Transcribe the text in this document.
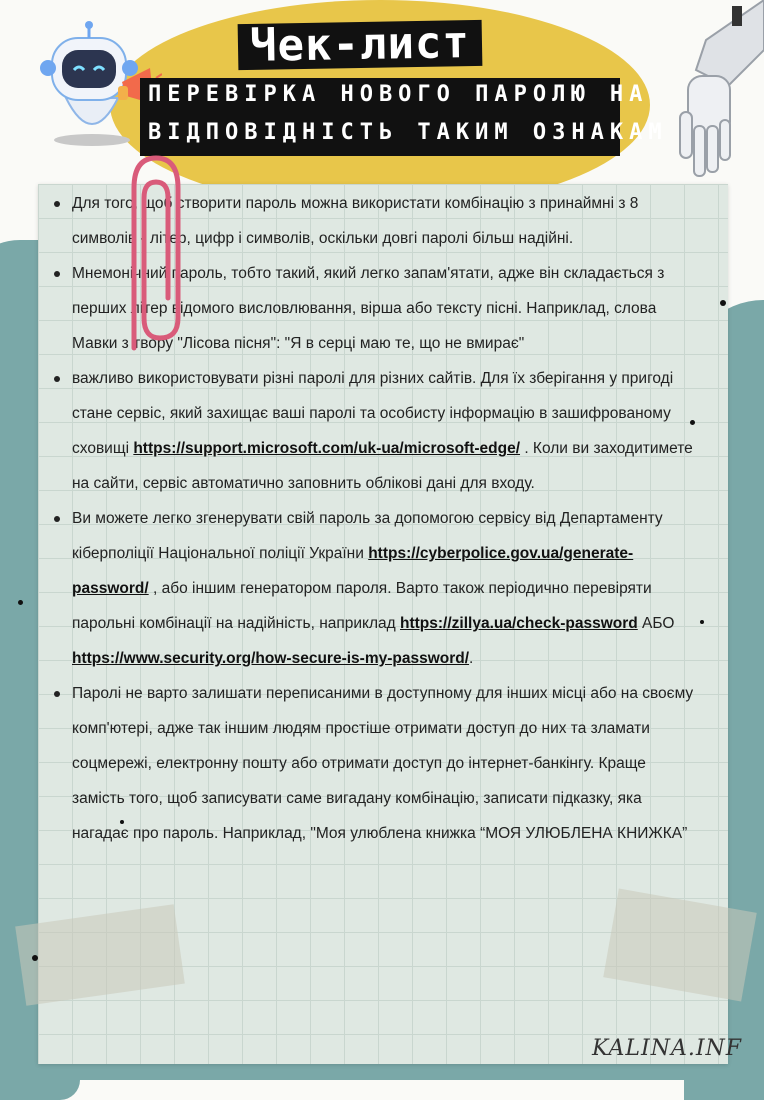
Чек-лист
ПЕРЕВІРКА НОВОГО ПАРОЛЮ НА
ВІДПОВІДНІСТЬ ТАКИМ ОЗНАКАМ
Для того, щоб створити пароль можна використати комбінацію з принаймні з 8 символів - літер, цифр і символів, оскільки довгі паролі більш надійні.
Мнемонiчний пароль, тобто такий, який легко запам'ятати, адже він складається з перших літер відомого висловлювання, вірша або тексту пісні. Наприклад, слова Мавки з твору "Лісова пісня": "Я в серці маю те, що не вмирає"
важливо використовувати різні паролі для різних сайтів. Для їх зберігання у пригоді стане сервіс, який захищає ваші паролі та особисту інформацію в зашифрованому сховищі https://support.microsoft.com/uk-ua/microsoft-edge/ . Коли ви заходитимете на сайти, сервіс автоматично заповнить облікові дані для входу.
Ви можете легко згенерувати свій пароль за допомогою сервісу від Департаменту кіберполіції Національної поліції України https://cyberpolice.gov.ua/generate-password/ , або іншим генератором пароля. Варто також періодично перевіряти парольні комбінації на надійність, наприклад https://zillya.ua/check-password АБО https://www.security.org/how-secure-is-my-password/.
Паролі не варто залишати переписаними в доступному для інших місці або на своєму комп'ютері, адже так іншим людям простіше отримати доступ до них та зламати соцмережі, електронну пошту або отримати доступ до інтернет-банкінгу. Краще замість того, щоб записувати саме вигадану комбінацію, записати підказку, яка нагадає про пароль. Наприклад, "Моя улюблена книжка “МОЯ УЛЮБЛЕНА КНИЖКА”
KALINA.INF
